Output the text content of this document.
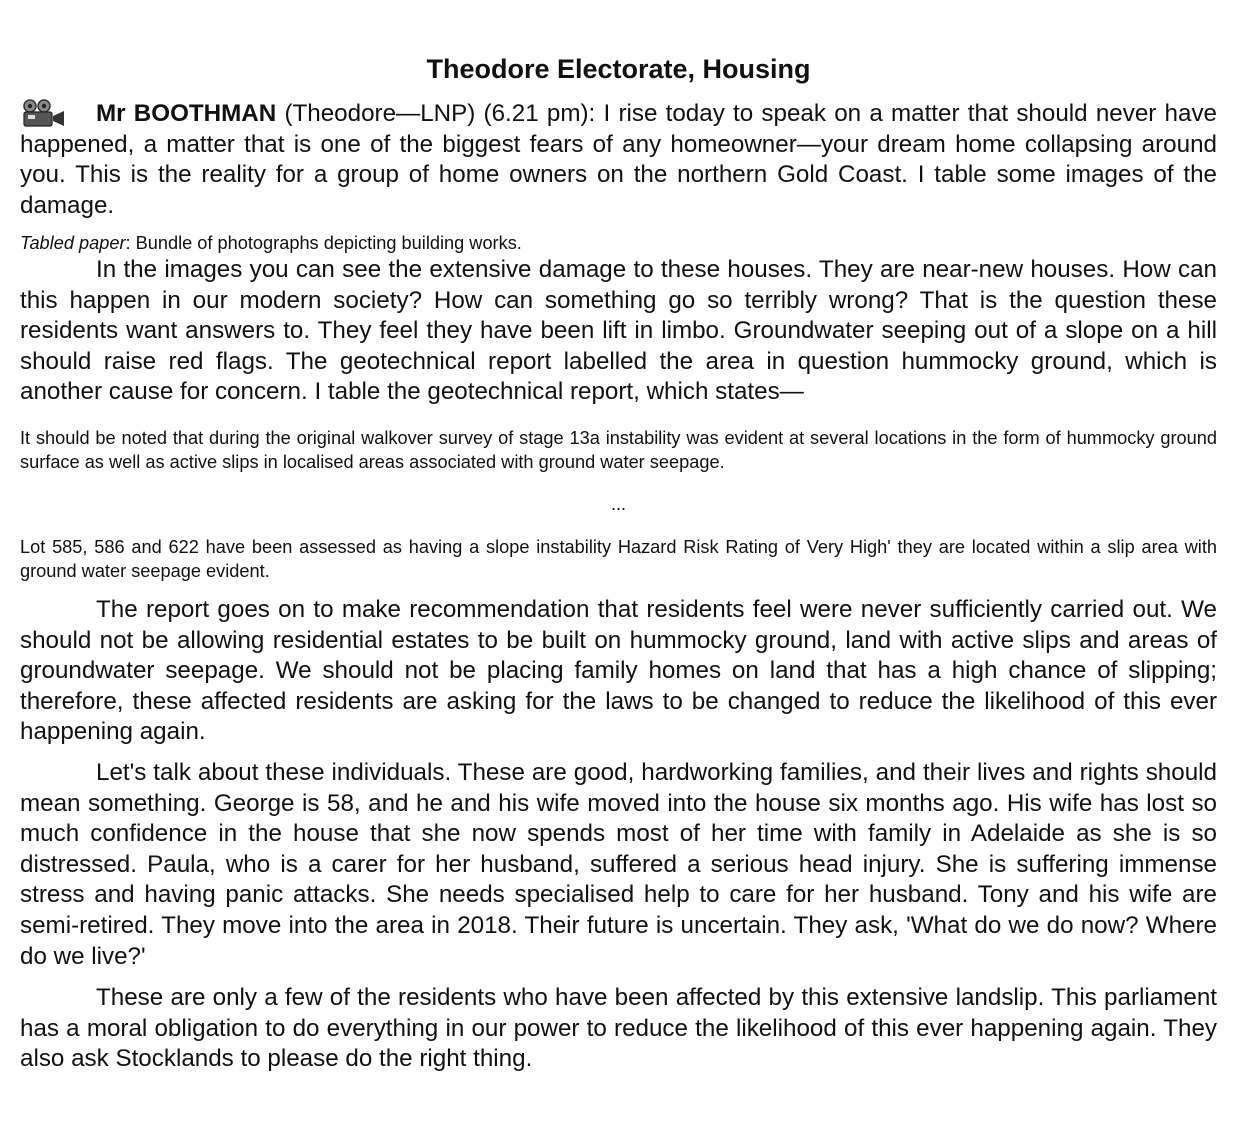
Theodore Electorate, Housing

Mr BOOTHMAN (Theodore—LNP) (6.21 pm): I rise today to speak on a matter that should never have happened, a matter that is one of the biggest fears of any homeowner—your dream home collapsing around you. This is the reality for a group of home owners on the northern Gold Coast. I table some images of the damage.

Tabled paper: Bundle of photographs depicting building works.

In the images you can see the extensive damage to these houses. They are near-new houses. How can this happen in our modern society? How can something go so terribly wrong? That is the question these residents want answers to. They feel they have been lift in limbo. Groundwater seeping out of a slope on a hill should raise red flags. The geotechnical report labelled the area in question hummocky ground, which is another cause for concern. I table the geotechnical report, which states—

It should be noted that during the original walkover survey of stage 13a instability was evident at several locations in the form of hummocky ground surface as well as active slips in localised areas associated with ground water seepage.

...

Lot 585, 586 and 622 have been assessed as having a slope instability Hazard Risk Rating of Very High' they are located within a slip area with ground water seepage evident.

The report goes on to make recommendation that residents feel were never sufficiently carried out. We should not be allowing residential estates to be built on hummocky ground, land with active slips and areas of groundwater seepage. We should not be placing family homes on land that has a high chance of slipping; therefore, these affected residents are asking for the laws to be changed to reduce the likelihood of this ever happening again.

Let's talk about these individuals. These are good, hardworking families, and their lives and rights should mean something. George is 58, and he and his wife moved into the house six months ago. His wife has lost so much confidence in the house that she now spends most of her time with family in Adelaide as she is so distressed. Paula, who is a carer for her husband, suffered a serious head injury. She is suffering immense stress and having panic attacks. She needs specialised help to care for her husband. Tony and his wife are semi-retired. They move into the area in 2018. Their future is uncertain. They ask, 'What do we do now? Where do we live?'

These are only a few of the residents who have been affected by this extensive landslip. This parliament has a moral obligation to do everything in our power to reduce the likelihood of this ever happening again. They also ask Stocklands to please do the right thing.
